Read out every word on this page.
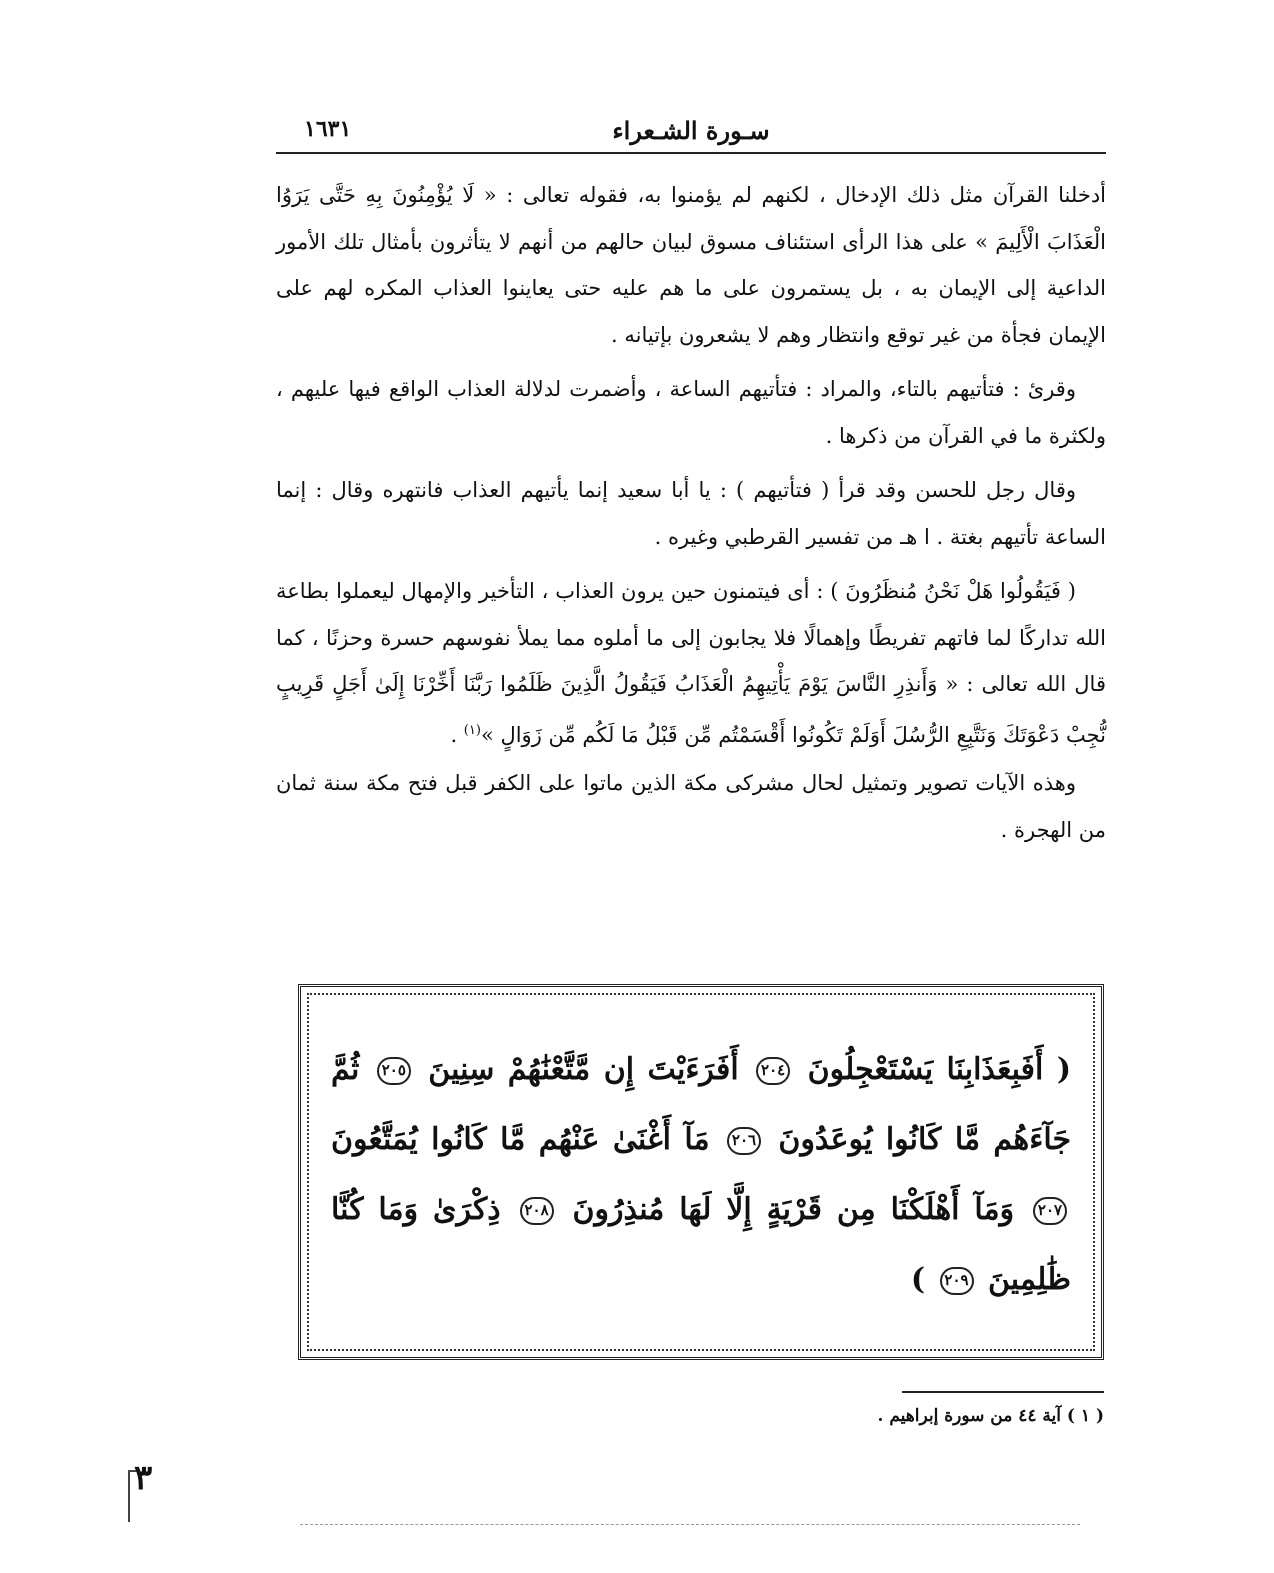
سـورة الشـعراء
١٦٣١

أدخلنا القرآن مثل ذلك الإدخال ، لكنهم لم يؤمنوا به، فقوله تعالى : « لَا يُؤْمِنُونَ بِهِ حَتَّى يَرَوُا الْعَذَابَ الْأَلِيمَ » على هذا الرأى استئناف مسوق لبيان حالهم من أنهم لا يتأثرون بأمثال تلك الأمور الداعية إلى الإيمان به ، بل يستمرون على ما هم عليه حتى يعاينوا العذاب المكره لهم على الإيمان فجأة من غير توقع وانتظار وهم لا يشعرون بإتيانه .

وقرئ : فتأتيهم بالتاء، والمراد : فتأتيهم الساعة ، وأضمرت لدلالة العذاب الواقع فيها عليهم ، ولكثرة ما في القرآن من ذكرها .

وقال رجل للحسن وقد قرأ ( فتأتيهم ) : يا أبا سعيد إنما يأتيهم العذاب فانتهره وقال : إنما الساعة تأتيهم بغتة . ا هـ من تفسير القرطبي وغيره .

( فَيَقُولُوا هَلْ نَحْنُ مُنظَرُونَ ) : أى فيتمنون حين يرون العذاب ، التأخير والإمهال ليعملوا بطاعة الله تداركًا لما فاتهم تفريطًا وإهمالًا فلا يجابون إلى ما أملوه مما يملأ نفوسهم حسرة وحزنًا ، كما قال الله تعالى : « وَأَنذِرِ النَّاسَ يَوْمَ يَأْتِيهِمُ الْعَذَابُ فَيَقُولُ الَّذِينَ ظَلَمُوا رَبَّنَا أَخِّرْنَا إِلَىٰ أَجَلٍ قَرِيبٍ نُّجِبْ دَعْوَتَكَ وَنَتَّبِعِ الرُّسُلَ أَوَلَمْ تَكُونُوا أَقْسَمْتُم مِّن قَبْلُ مَا لَكُم مِّن زَوَالٍ »$^{(١)}$ .

وهذه الآيات تصوير وتمثيل لحال مشركى مكة الذين ماتوا على الكفر قبل فتح مكة سنة ثمان من الهجرة .

( أَفَبِعَذَابِنَا يَسْتَعْجِلُونَ ٢٠٤ أَفَرَءَيْتَ إِن مَّتَّعْنَٰهُمْ سِنِينَ ٢٠٥ ثُمَّ جَآءَهُم مَّا كَانُوا يُوعَدُونَ ٢٠٦ مَآ أَغْنَىٰ عَنْهُم مَّا كَانُوا يُمَتَّعُونَ ٢٠٧ وَمَآ أَهْلَكْنَا مِن قَرْيَةٍ إِلَّا لَهَا مُنذِرُونَ ٢٠٨ ذِكْرَىٰ وَمَا كُنَّا ظَٰلِمِينَ ٢٠٩ )
( ١ ) آية ٤٤ من سورة إبراهيم .
٣
